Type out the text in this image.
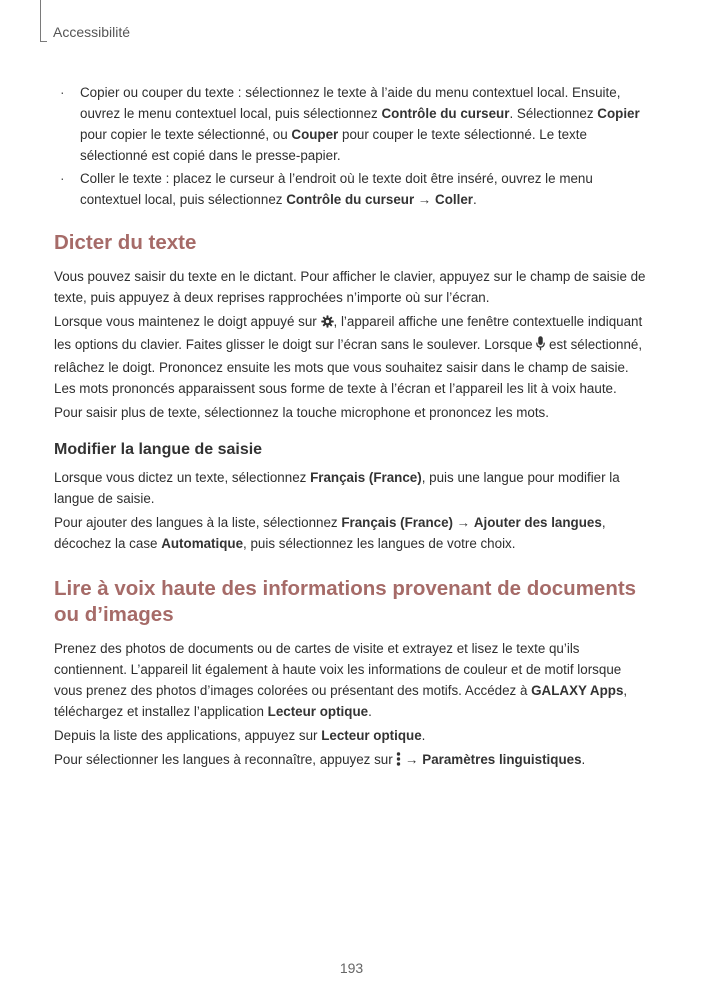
Accessibilité

· Copier ou couper du texte : sélectionnez le texte à l’aide du menu contextuel local. Ensuite, ouvrez le menu contextuel local, puis sélectionnez Contrôle du curseur. Sélectionnez Copier pour copier le texte sélectionné, ou Couper pour couper le texte sélectionné. Le texte sélectionné est copié dans le presse-papier.

· Coller le texte : placez le curseur à l’endroit où le texte doit être inséré, ouvrez le menu contextuel local, puis sélectionnez Contrôle du curseur → Coller.

Dicter du texte

Vous pouvez saisir du texte en le dictant. Pour afficher le clavier, appuyez sur le champ de saisie de texte, puis appuyez à deux reprises rapprochées n’importe où sur l’écran.

Lorsque vous maintenez le doigt appuyé sur , l’appareil affiche une fenêtre contextuelle indiquant les options du clavier. Faites glisser le doigt sur l’écran sans le soulever. Lorsque  est sélectionné, relâchez le doigt. Prononcez ensuite les mots que vous souhaitez saisir dans le champ de saisie. Les mots prononcés apparaissent sous forme de texte à l’écran et l’appareil les lit à voix haute.

Pour saisir plus de texte, sélectionnez la touche microphone et prononcez les mots.

Modifier la langue de saisie

Lorsque vous dictez un texte, sélectionnez Français (France), puis une langue pour modifier la langue de saisie.

Pour ajouter des langues à la liste, sélectionnez Français (France) → Ajouter des langues, décochez la case Automatique, puis sélectionnez les langues de votre choix.

Lire à voix haute des informations provenant de documents ou d’images

Prenez des photos de documents ou de cartes de visite et extrayez et lisez le texte qu’ils contiennent. L’appareil lit également à haute voix les informations de couleur et de motif lorsque vous prenez des photos d’images colorées ou présentant des motifs. Accédez à GALAXY Apps, téléchargez et installez l’application Lecteur optique.

Depuis la liste des applications, appuyez sur Lecteur optique.

Pour sélectionner les langues à reconnaître, appuyez sur  → Paramètres linguistiques.

193
